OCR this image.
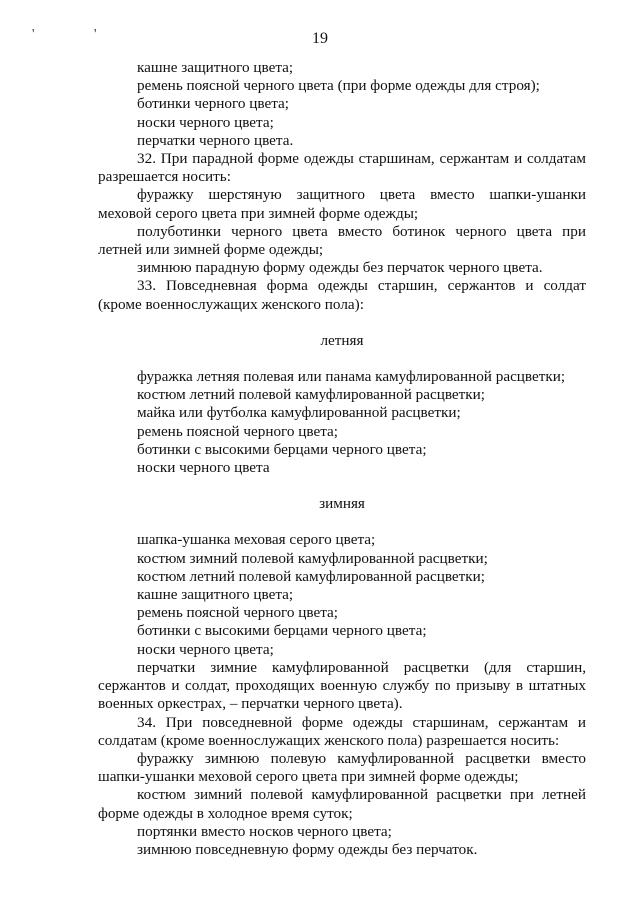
' '	19

кашне защитного цвета;

ремень поясной черного цвета (при форме одежды для строя);

ботинки черного цвета;

носки черного цвета;

перчатки черного цвета.

32. При парадной форме одежды старшинам, сержантам и солдатам разрешается носить:

фуражку шерстяную защитного цвета вместо шапки-ушанки меховой серого цвета при зимней форме одежды;

полуботинки черного цвета вместо ботинок черного цвета при летней или зимней форме одежды;

зимнюю парадную форму одежды без перчаток черного цвета.

33. Повседневная форма одежды старшин, сержантов и солдат (кроме военнослужащих женского пола):

летняя

фуражка летняя полевая или панама камуфлированной расцветки;

костюм летний полевой камуфлированной расцветки;

майка или футболка камуфлированной расцветки;

ремень поясной черного цвета;

ботинки с высокими берцами черного цвета;

носки черного цвета

зимняя

шапка-ушанка меховая серого цвета;

костюм зимний полевой камуфлированной расцветки;

костюм летний полевой камуфлированной расцветки;

кашне защитного цвета;

ремень поясной черного цвета;

ботинки с высокими берцами черного цвета;

носки черного цвета;

перчатки зимние камуфлированной расцветки (для старшин, сержантов и солдат, проходящих военную службу по призыву в штатных военных оркестрах, – перчатки черного цвета).

34. При повседневной форме одежды старшинам, сержантам и солдатам (кроме военнослужащих женского пола) разрешается носить:

фуражку зимнюю полевую камуфлированной расцветки вместо шапки-ушанки меховой серого цвета при зимней форме одежды;

костюм зимний полевой камуфлированной расцветки при летней форме одежды в холодное время суток;

портянки вместо носков черного цвета;

зимнюю повседневную форму одежды без перчаток.
